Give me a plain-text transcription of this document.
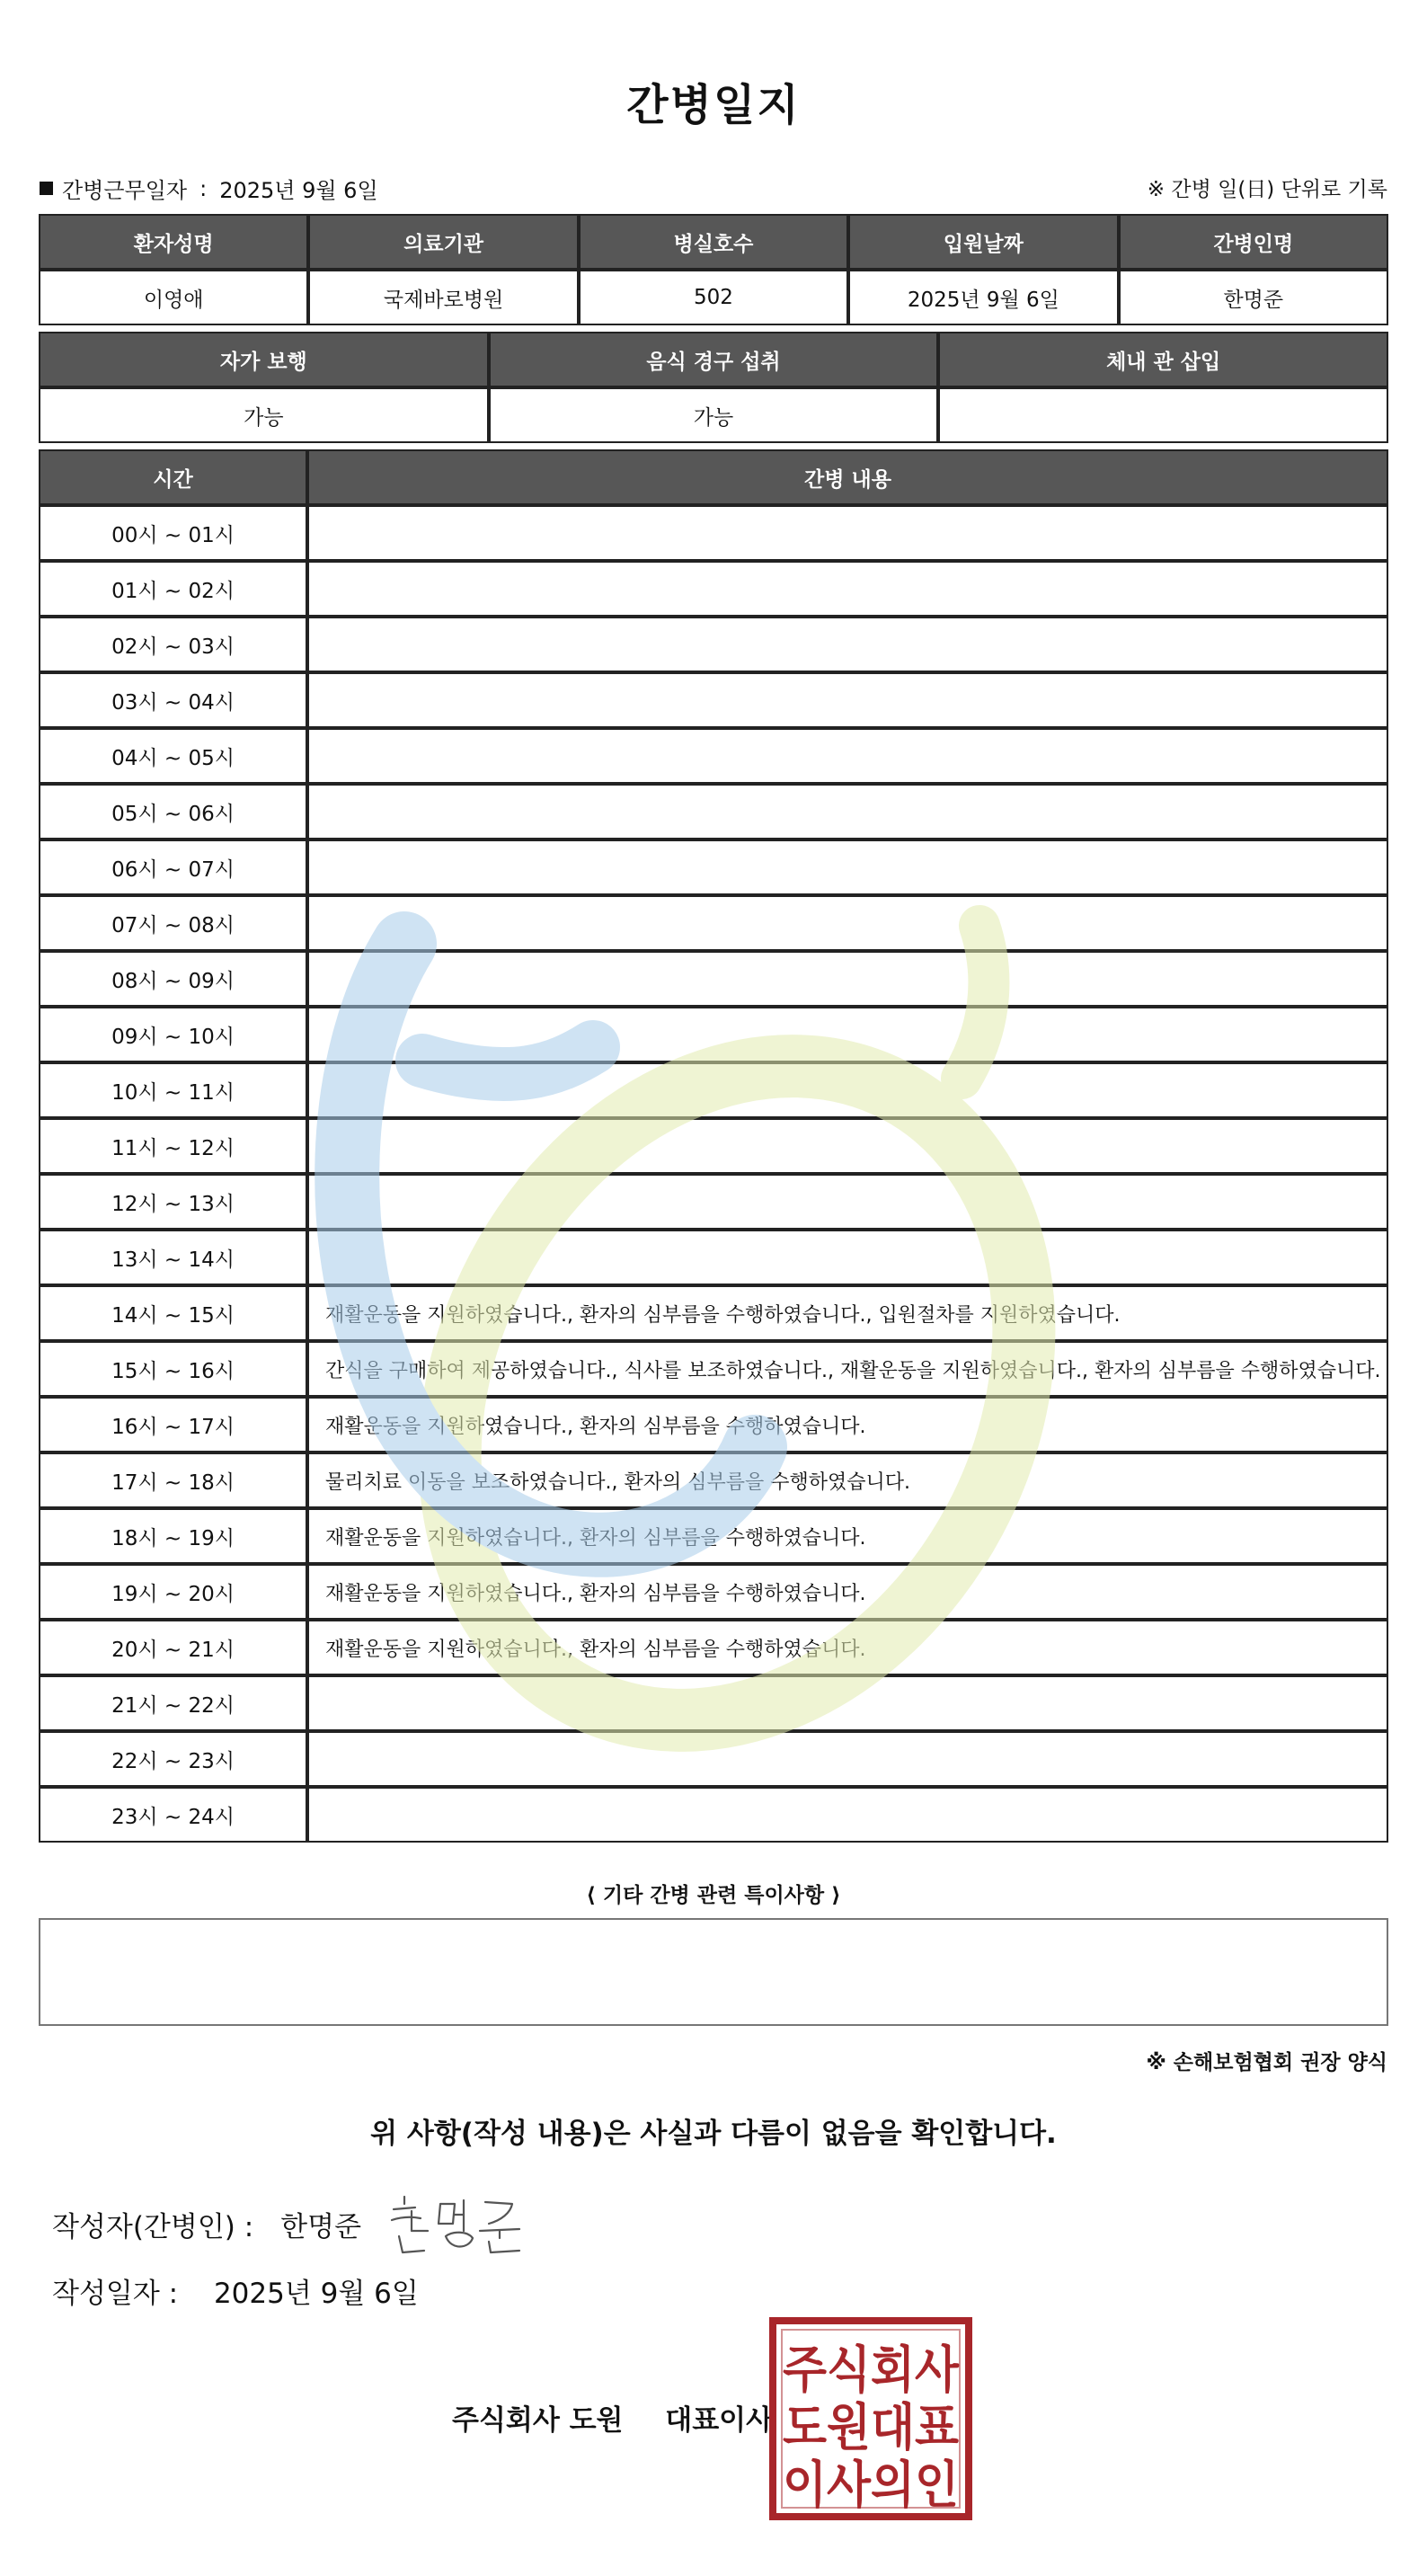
간병일지
간병근무일자 : 2025년 9월 6일	※ 간병 일(日) 단위로 기록
환자성명	의료기관	병실호수	입원날짜	간병인명
이영애	국제바로병원	502	2025년 9월 6일	한명준
자가 보행	음식 경구 섭취	체내 관 삽입
가능	가능	
시간	간병 내용
00시 ~ 01시	
01시 ~ 02시	
02시 ~ 03시	
03시 ~ 04시	
04시 ~ 05시	
05시 ~ 06시	
06시 ~ 07시	
07시 ~ 08시	
08시 ~ 09시	
09시 ~ 10시	
10시 ~ 11시	
11시 ~ 12시	
12시 ~ 13시	
13시 ~ 14시	
14시 ~ 15시	재활운동을 지원하였습니다., 환자의 심부름을 수행하였습니다., 입원절차를 지원하였습니다.
15시 ~ 16시	간식을 구매하여 제공하였습니다., 식사를 보조하였습니다., 재활운동을 지원하였습니다., 환자의 심부름을 수행하였습니다.
16시 ~ 17시	재활운동을 지원하였습니다., 환자의 심부름을 수행하였습니다.
17시 ~ 18시	물리치료 이동을 보조하였습니다., 환자의 심부름을 수행하였습니다.
18시 ~ 19시	재활운동을 지원하였습니다., 환자의 심부름을 수행하였습니다.
19시 ~ 20시	재활운동을 지원하였습니다., 환자의 심부름을 수행하였습니다.
20시 ~ 21시	재활운동을 지원하였습니다., 환자의 심부름을 수행하였습니다.
21시 ~ 22시	
22시 ~ 23시	
23시 ~ 24시	
⟨ 기타 간병 관련 특이사항 ⟩
※ 손해보험협회 권장 양식
위 사항(작성 내용)은 사실과 다름이 없음을 확인합니다.
작성자(간병인) : 한명준
작성일자 : 2025년 9월 6일
주식회사 도원 대표이사
주식회사
도원대표
이사의인
